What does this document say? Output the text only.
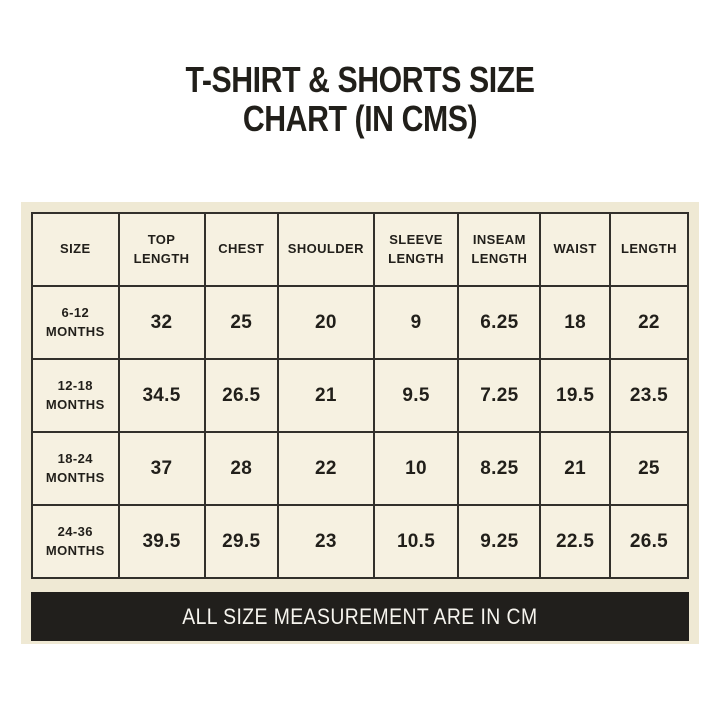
T-SHIRT & SHORTS SIZE
CHART (IN CMS)
SIZE	TOP LENGTH	CHEST	SHOULDER	SLEEVE LENGTH	INSEAM LENGTH	WAIST	LENGTH
6-12 MONTHS	32	25	20	9	6.25	18	22
12-18 MONTHS	34.5	26.5	21	9.5	7.25	19.5	23.5
18-24 MONTHS	37	28	22	10	8.25	21	25
24-36 MONTHS	39.5	29.5	23	10.5	9.25	22.5	26.5
ALL SIZE MEASUREMENT ARE IN CM
